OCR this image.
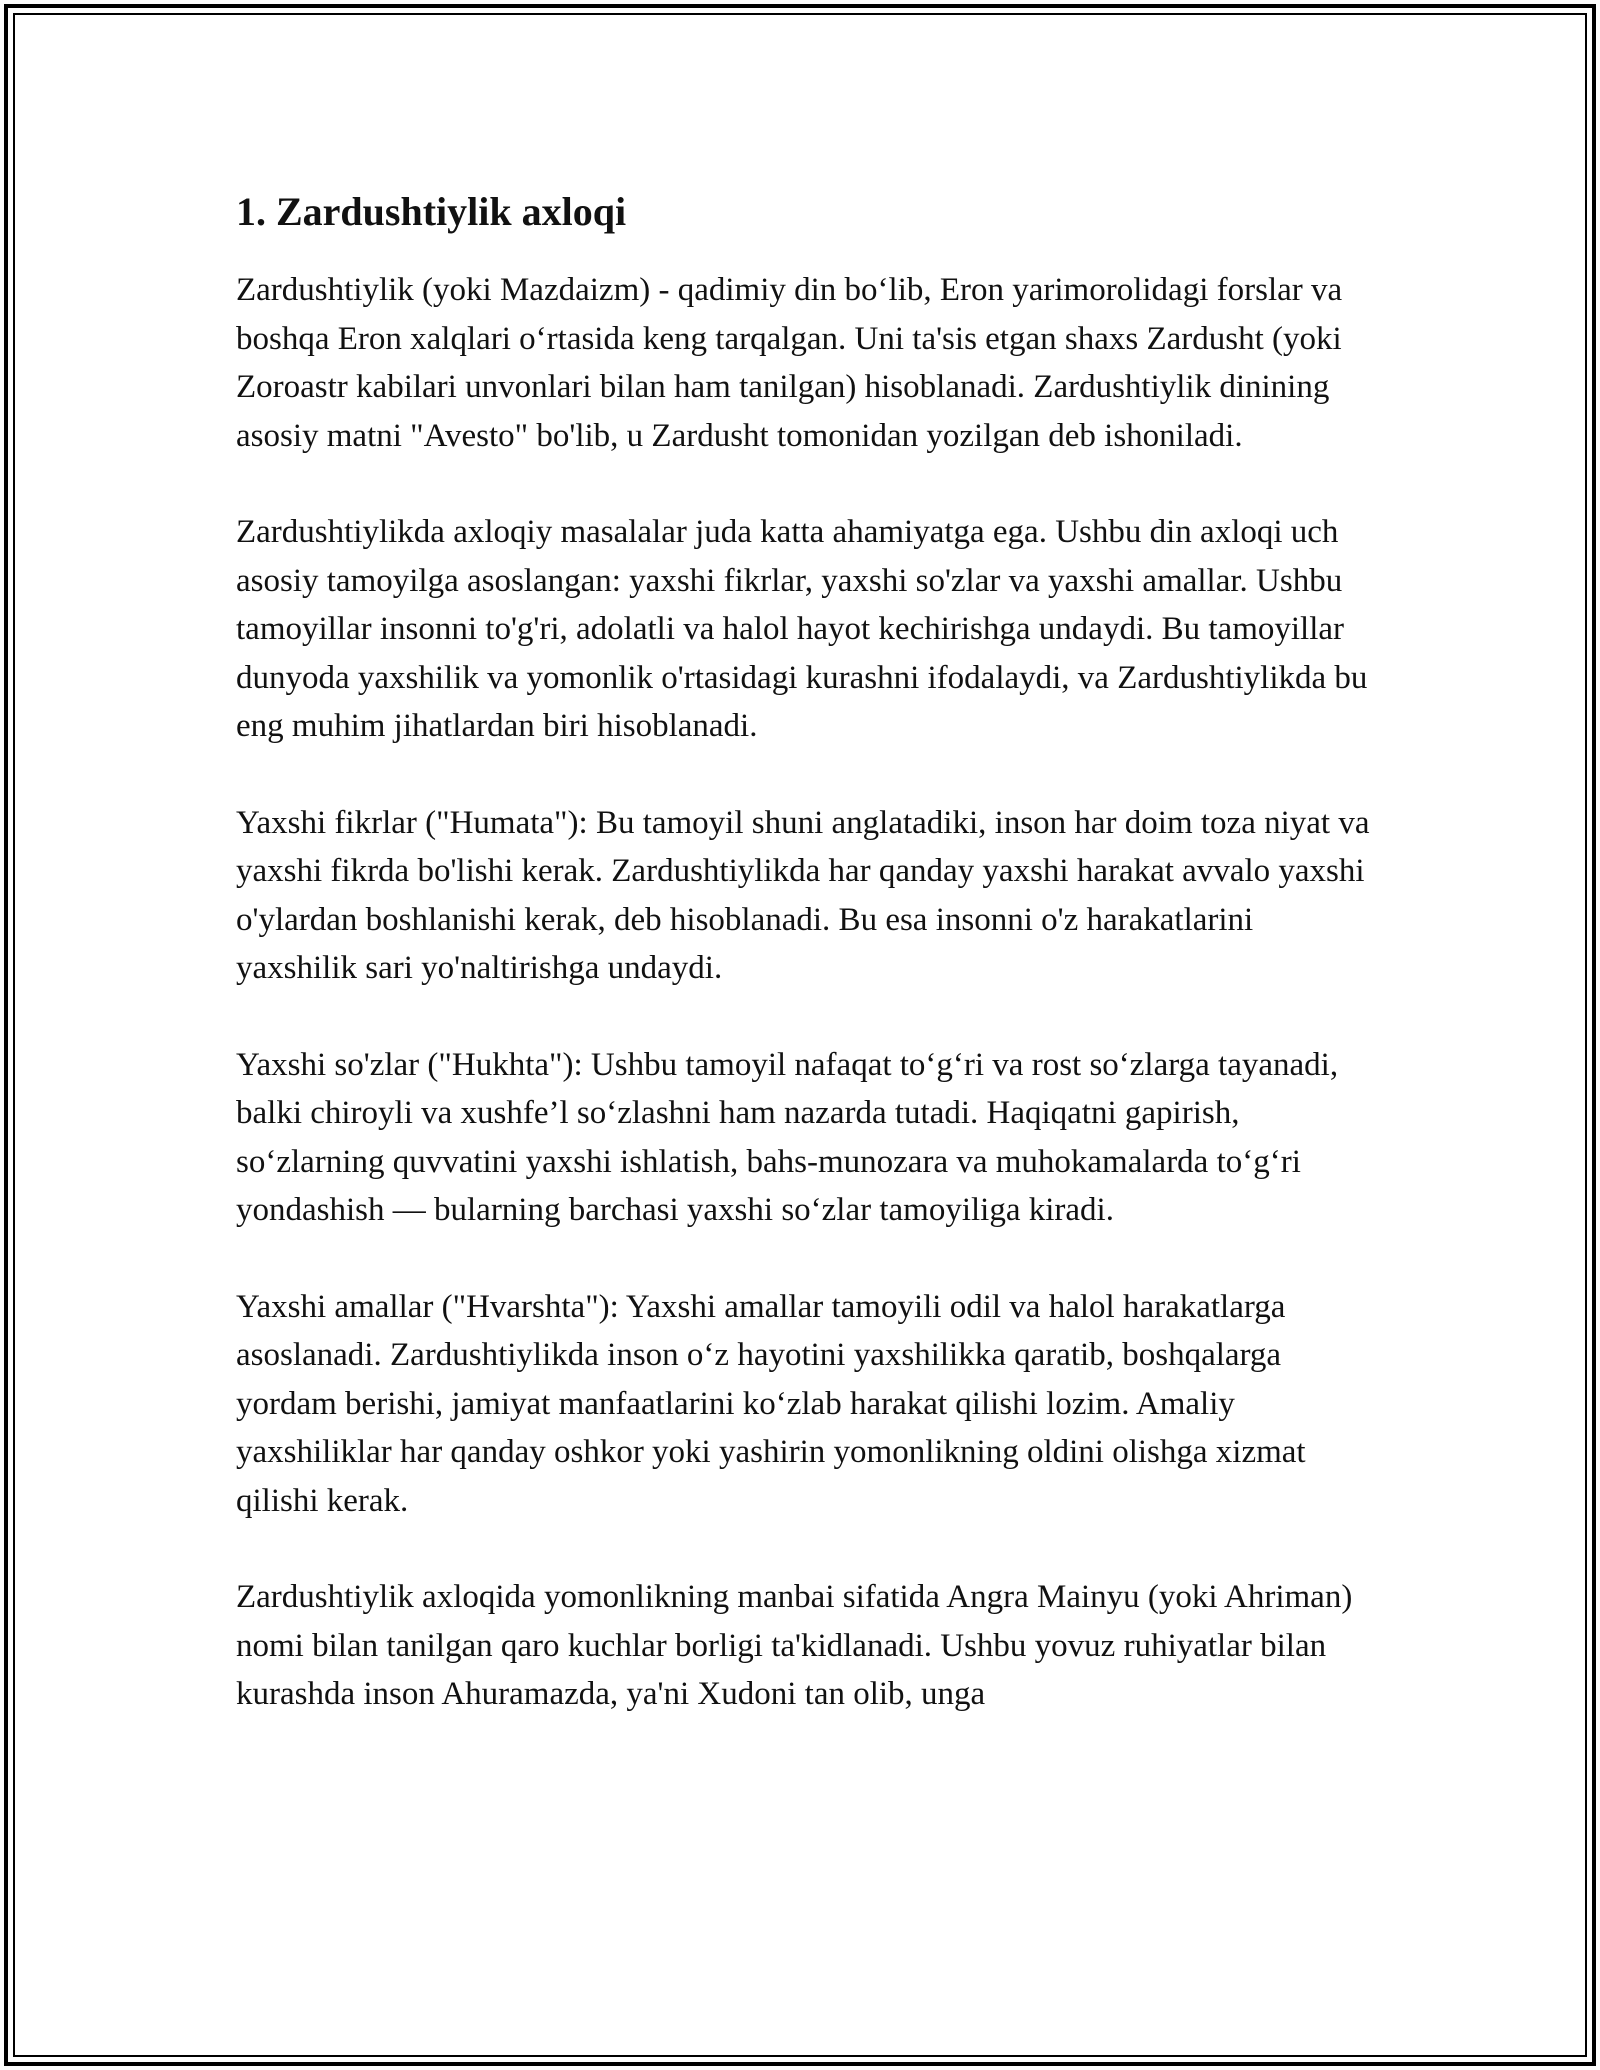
1. Zardushtiylik axloqi

Zardushtiylik (yoki Mazdaizm) - qadimiy din bo‘lib, Eron yarimorolidagi forslar va boshqa Eron xalqlari o‘rtasida keng tarqalgan. Uni ta'sis etgan shaxs Zardusht (yoki Zoroastr kabilari unvonlari bilan ham tanilgan) hisoblanadi. Zardushtiylik dinining asosiy matni "Avesto" bo'lib, u Zardusht tomonidan yozilgan deb ishoniladi.

Zardushtiylikda axloqiy masalalar juda katta ahamiyatga ega. Ushbu din axloqi uch asosiy tamoyilga asoslangan: yaxshi fikrlar, yaxshi so'zlar va yaxshi amallar. Ushbu tamoyillar insonni to'g'ri, adolatli va halol hayot kechirishga undaydi. Bu tamoyillar dunyoda yaxshilik va yomonlik o'rtasidagi kurashni ifodalaydi, va Zardushtiylikda bu eng muhim jihatlardan biri hisoblanadi.

Yaxshi fikrlar ("Humata"): Bu tamoyil shuni anglatadiki, inson har doim toza niyat va yaxshi fikrda bo'lishi kerak. Zardushtiylikda har qanday yaxshi harakat avvalo yaxshi o'ylardan boshlanishi kerak, deb hisoblanadi. Bu esa insonni o'z harakatlarini yaxshilik sari yo'naltirishga undaydi.

Yaxshi so'zlar ("Hukhta"): Ushbu tamoyil nafaqat to‘g‘ri va rost so‘zlarga tayanadi, balki chiroyli va xushfe’l so‘zlashni ham nazarda tutadi. Haqiqatni gapirish, so‘zlarning quvvatini yaxshi ishlatish, bahs-munozara va muhokamalarda to‘g‘ri yondashish — bularning barchasi yaxshi so‘zlar tamoyiliga kiradi.

Yaxshi amallar ("Hvarshta"): Yaxshi amallar tamoyili odil va halol harakatlarga asoslanadi. Zardushtiylikda inson o‘z hayotini yaxshilikka qaratib, boshqalarga yordam berishi, jamiyat manfaatlarini ko‘zlab harakat qilishi lozim. Amaliy yaxshiliklar har qanday oshkor yoki yashirin yomonlikning oldini olishga xizmat qilishi kerak.

Zardushtiylik axloqida yomonlikning manbai sifatida Angra Mainyu (yoki Ahriman) nomi bilan tanilgan qaro kuchlar borligi ta'kidlanadi. Ushbu yovuz ruhiyatlar bilan kurashda inson Ahuramazda, ya'ni Xudoni tan olib, unga
